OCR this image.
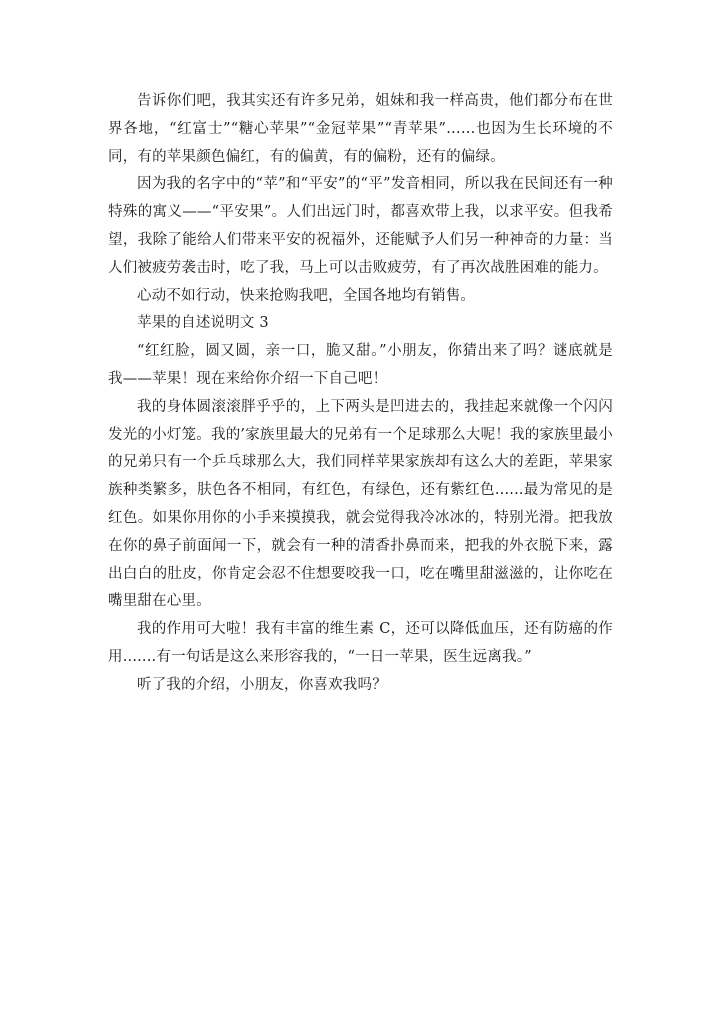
告诉你们吧，我其实还有许多兄弟，姐妹和我一样高贵，他们都分布在世界各地，“红富士”“糖心苹果”“金冠苹果”“青苹果”……也因为生长环境的不同，有的苹果颜色偏红，有的偏黄，有的偏粉，还有的偏绿。

因为我的名字中的“苹”和“平安”的“平”发音相同，所以我在民间还有一种特殊的寓义——“平安果”。人们出远门时，都喜欢带上我，以求平安。但我希望，我除了能给人们带来平安的祝福外，还能赋予人们另一种神奇的力量：当人们被疲劳袭击时，吃了我，马上可以击败疲劳，有了再次战胜困难的能力。

心动不如行动，快来抢购我吧，全国各地均有销售。

苹果的自述说明文 3

“红红脸，圆又圆，亲一口，脆又甜。”小朋友，你猜出来了吗？谜底就是我——苹果！现在来给你介绍一下自己吧！

我的身体圆滚滚胖乎乎的，上下两头是凹进去的，我挂起来就像一个闪闪发光的小灯笼。我的’家族里最大的兄弟有一个足球那么大呢！我的家族里最小的兄弟只有一个乒乓球那么大，我们同样苹果家族却有这么大的差距，苹果家族种类繁多，肤色各不相同，有红色，有绿色，还有紫红色......最为常见的是红色。如果你用你的小手来摸摸我，就会觉得我冷冰冰的，特别光滑。把我放在你的鼻子前面闻一下，就会有一种的清香扑鼻而来，把我的外衣脱下来，露出白白的肚皮，你肯定会忍不住想要咬我一口，吃在嘴里甜滋滋的，让你吃在嘴里甜在心里。

我的作用可大啦！我有丰富的维生素 C，还可以降低血压，还有防癌的作用.......有一句话是这么来形容我的，“一日一苹果，医生远离我。”

听了我的介绍，小朋友，你喜欢我吗？
